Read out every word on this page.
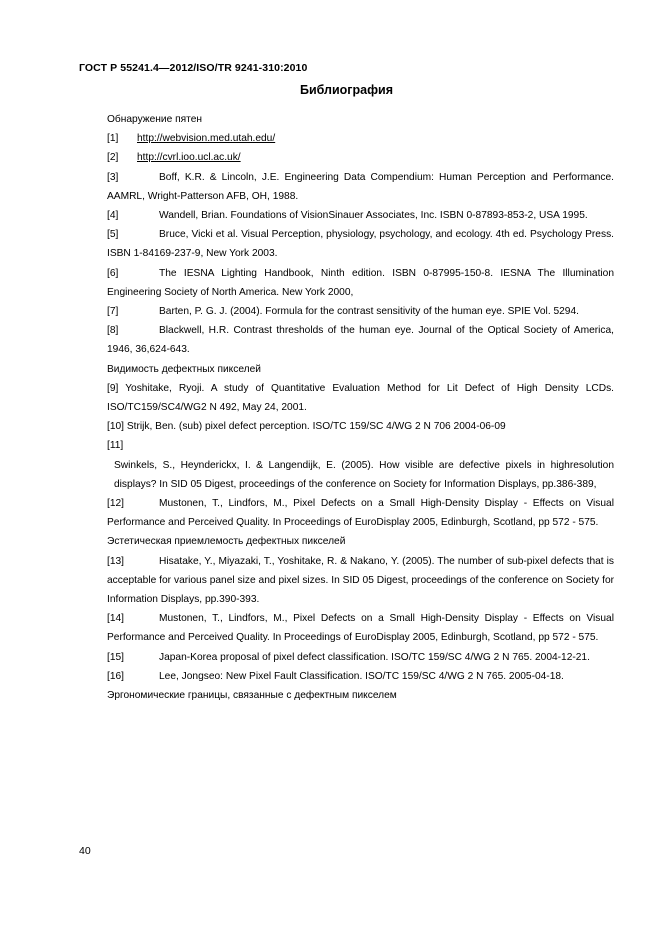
ГОСТ Р 55241.4—2012/ISO/TR 9241-310:2010
Библиография

Обнаружение пятен

[1] http://webvision.med.utah.edu/

[2] http://cvrl.ioo.ucl.ac.uk/

[3]	Boff, K.R. & Lincoln, J.E. Engineering Data Compendium: Human Perception and Performance. AAMRL, Wright-Patterson AFB, OH, 1988.

[4]	Wandell, Brian. Foundations of VisionSinauer Associates, Inc. ISBN 0-87893-853-2, USA 1995.

[5]	Bruce, Vicki et al. Visual Perception, physiology, psychology, and ecology. 4th ed. Psychology Press. ISBN 1-84169-237-9, New York 2003.

[6]	The IESNA Lighting Handbook, Ninth edition. ISBN 0-87995-150-8. IESNA The Illumination Engineering Society of North America. New York 2000,

[7]	Barten, P. G. J. (2004). Formula for the contrast sensitivity of the human eye. SPIE Vol. 5294.

[8]	Blackwell, H.R. Contrast thresholds of the human eye. Journal of the Optical Society of America, 1946, 36,624-643.

Видимость дефектных пикселей

[9] Yoshitake, Ryoji. A study of Quantitative Evaluation Method for Lit Defect of High Density LCDs. ISO/TC159/SC4/WG2 N 492, May 24, 2001.

[10] Strijk, Ben. (sub) pixel defect perception. ISO/TC 159/SC 4/WG 2 N 706 2004-06-09

[11]

Swinkels, S., Heynderickx, I. & Langendijk, E. (2005). How visible are defective pixels in highresolution displays? In SID 05 Digest, proceedings of the conference on Society for Information Displays, pp.386-389,

[12]	Mustonen, T., Lindfors, M., Pixel Defects on a Small High-Density Display - Effects on Visual Performance and Perceived Quality. In Proceedings of EuroDisplay 2005, Edinburgh, Scotland, pp 572 - 575.

Эстетическая приемлемость дефектных пикселей

[13]	Hisatake, Y., Miyazaki, T., Yoshitake, R. & Nakano, Y. (2005). The number of sub-pixel defects that is acceptable for various panel size and pixel sizes. In SID 05 Digest, proceedings of the conference on Society for Information Displays, pp.390-393.

[14]	Mustonen, T., Lindfors, M., Pixel Defects on a Small High-Density Display - Effects on Visual Performance and Perceived Quality. In Proceedings of EuroDisplay 2005, Edinburgh, Scotland, pp 572 - 575.

[15]	Japan-Korea proposal of pixel defect classification. ISO/TC 159/SC 4/WG 2 N 765. 2004-12-21.

[16]	Lee, Jongseo: New Pixel Fault Classification. ISO/TC 159/SC 4/WG 2 N 765. 2005-04-18.

Эргономические границы, связанные с дефектным пикселем

40
